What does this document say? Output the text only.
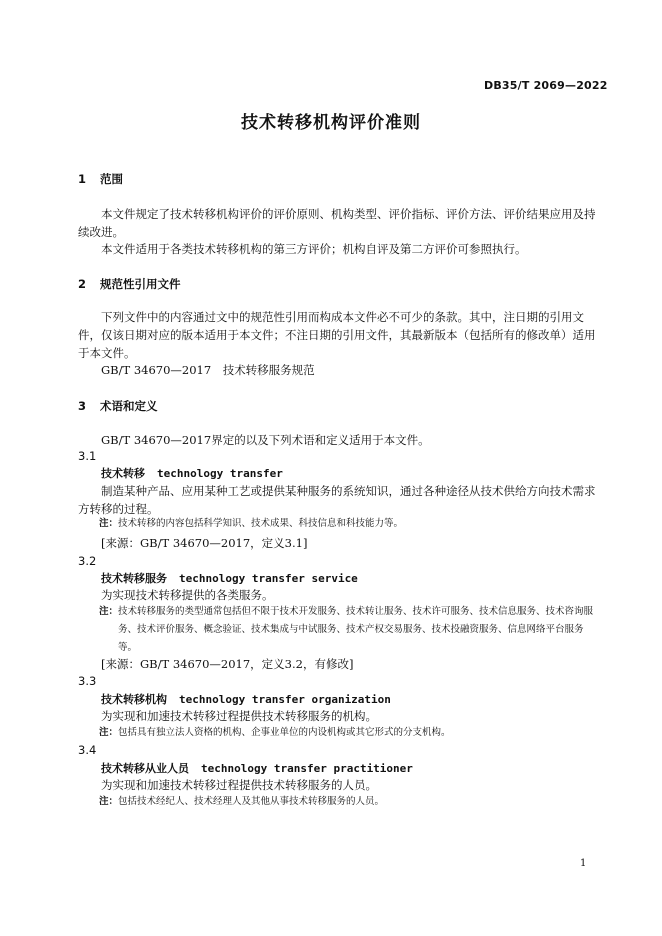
DB35/T 2069—2022
技术转移机构评价准则
1 范围
本文件规定了技术转移机构评价的评价原则、机构类型、评价指标、评价方法、评价结果应用及持续改进。
本文件适用于各类技术转移机构的第三方评价；机构自评及第二方评价可参照执行。
2 规范性引用文件
下列文件中的内容通过文中的规范性引用而构成本文件必不可少的条款。其中，注日期的引用文件，仅该日期对应的版本适用于本文件；不注日期的引用文件，其最新版本（包括所有的修改单）适用于本文件。
GB/T 34670—2017　技术转移服务规范
3 术语和定义
GB/T 34670—2017界定的以及下列术语和定义适用于本文件。
3.1
技术转移 technology transfer
制造某种产品、应用某种工艺或提供某种服务的系统知识，通过各种途径从技术供给方向技术需求方转移的过程。
注：技术转移的内容包括科学知识、技术成果、科技信息和科技能力等。
[来源：GB/T 34670—2017，定义3.1]
3.2
技术转移服务 technology transfer service
为实现技术转移提供的各类服务。
注：技术转移服务的类型通常包括但不限于技术开发服务、技术转让服务、技术许可服务、技术信息服务、技术咨询服务、技术评价服务、概念验证、技术集成与中试服务、技术产权交易服务、技术投融资服务、信息网络平台服务等。
[来源：GB/T 34670—2017，定义3.2，有修改]
3.3
技术转移机构 technology transfer organization
为实现和加速技术转移过程提供技术转移服务的机构。
注：包括具有独立法人资格的机构、企事业单位的内设机构或其它形式的分支机构。
3.4
技术转移从业人员 technology transfer practitioner
为实现和加速技术转移过程提供技术转移服务的人员。
注：包括技术经纪人、技术经理人及其他从事技术转移服务的人员。
1
